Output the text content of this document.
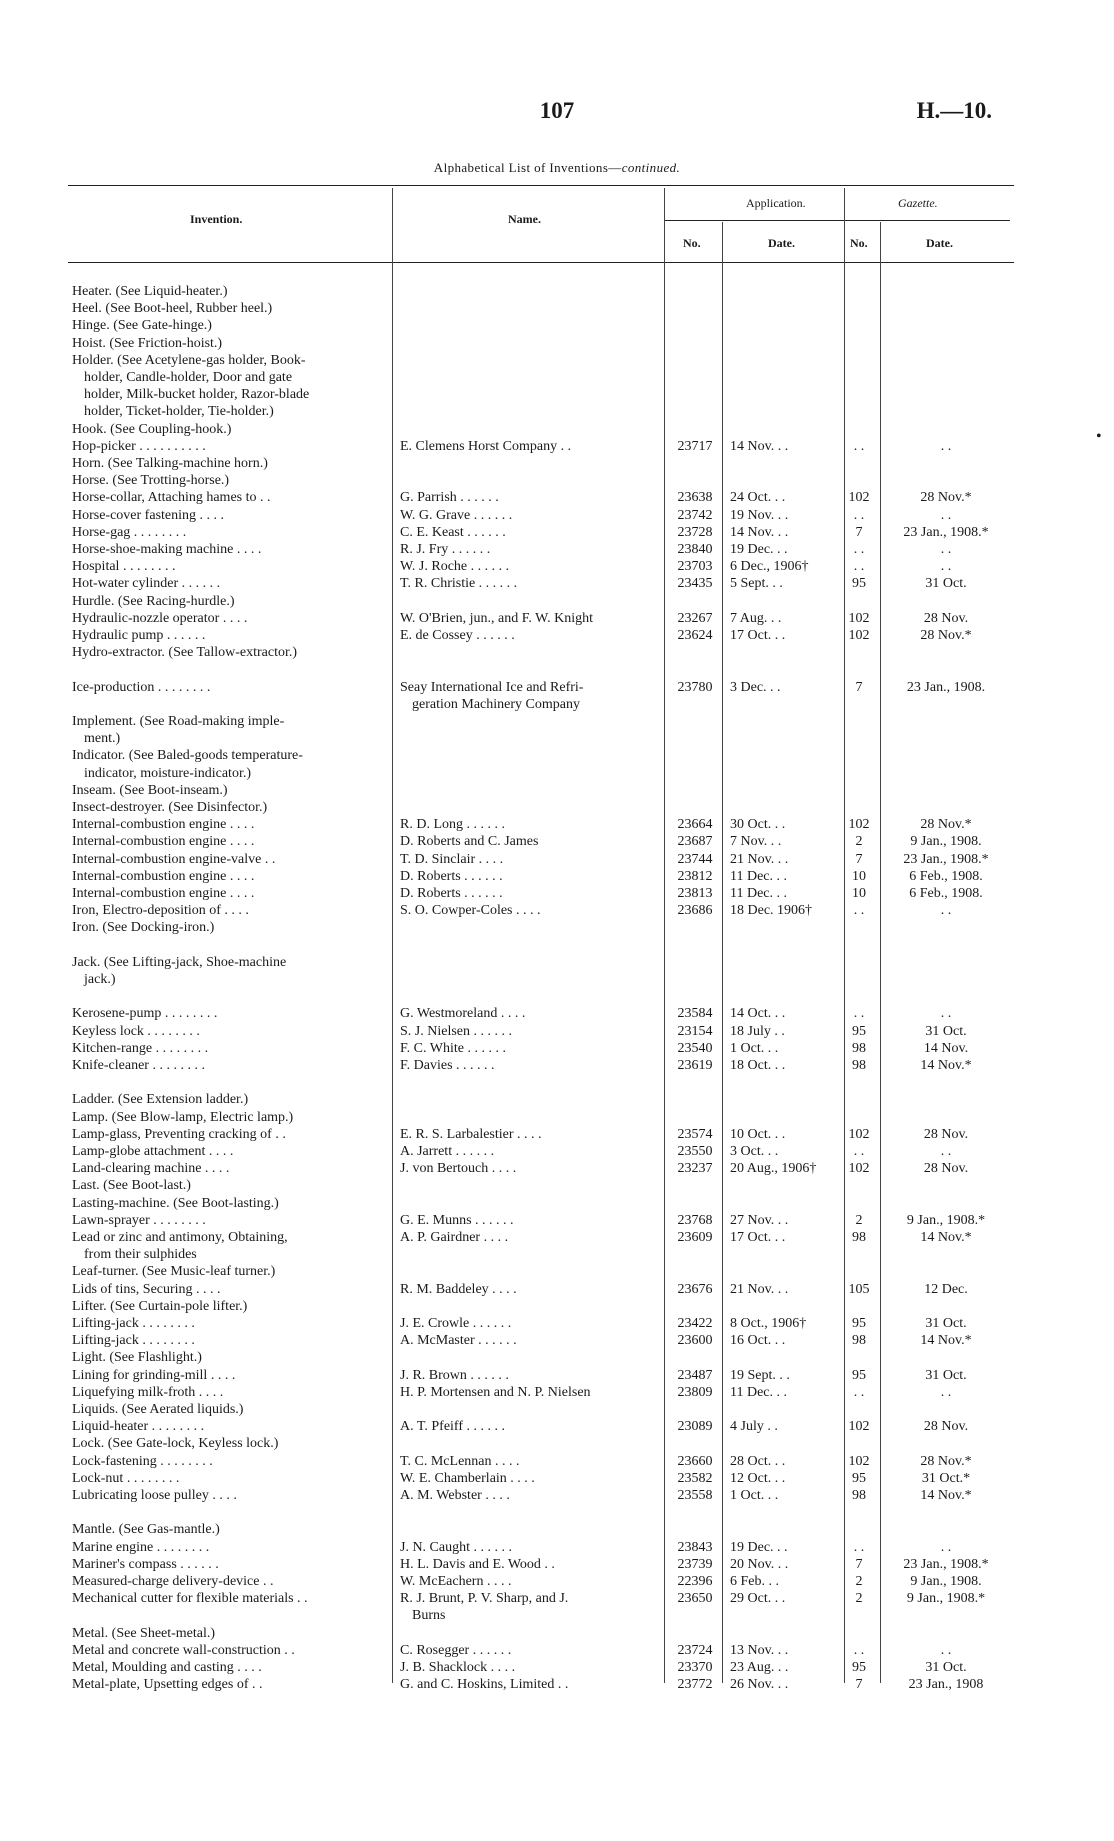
107	H.—10.
Alphabetical List of Inventions—continued.
Invention.	Name.
Application.	Gazette.
No.	Date.	No.	Date.
Heater. (See Liquid-heater.)
Heel. (See Boot-heel, Rubber heel.)
Hinge. (See Gate-hinge.)
Hoist. (See Friction-hoist.)
Holder. (See Acetylene-gas holder, Book-
holder, Candle-holder, Door and gate
holder, Milk-bucket holder, Razor-blade
holder, Ticket-holder, Tie-holder.)
Hook. (See Coupling-hook.)
Hop-picker . . . . . . . . . .	E. Clemens Horst Company . .	23717	14 Nov. . .	. .	. .
Horn. (See Talking-machine horn.)
Horse. (See Trotting-horse.)
Horse-collar, Attaching hames to . .	G. Parrish . . . . . .	23638	24 Oct. . .	102	28 Nov.*
Horse-cover fastening . . . .	W. G. Grave . . . . . .	23742	19 Nov. . .	. .	. .
Horse-gag . . . . . . . .	C. E. Keast . . . . . .	23728	14 Nov. . .	7	23 Jan., 1908.*
Horse-shoe-making machine . . . .	R. J. Fry . . . . . .	23840	19 Dec. . .	. .	. .
Hospital . . . . . . . .	W. J. Roche . . . . . .	23703	6 Dec., 1906†	. .	. .
Hot-water cylinder . . . . . .	T. R. Christie . . . . . .	23435	5 Sept. . .	95	31 Oct.
Hurdle. (See Racing-hurdle.)
Hydraulic-nozzle operator . . . .	W. O'Brien, jun., and F. W. Knight	23267	7 Aug. . .	102	28 Nov.
Hydraulic pump . . . . . .	E. de Cossey . . . . . .	23624	17 Oct. . .	102	28 Nov.*
Hydro-extractor. (See Tallow-extractor.)
Ice-production . . . . . . . .	Seay International Ice and Refri-	23780	3 Dec. . .	7	23 Jan., 1908.
geration Machinery Company
Implement. (See Road-making imple-
ment.)
Indicator. (See Baled-goods temperature-
indicator, moisture-indicator.)
Inseam. (See Boot-inseam.)
Insect-destroyer. (See Disinfector.)
Internal-combustion engine . . . .	R. D. Long . . . . . .	23664	30 Oct. . .	102	28 Nov.*
Internal-combustion engine . . . .	D. Roberts and C. James	23687	7 Nov. . .	2	9 Jan., 1908.
Internal-combustion engine-valve . .	T. D. Sinclair . . . .	23744	21 Nov. . .	7	23 Jan., 1908.*
Internal-combustion engine . . . .	D. Roberts . . . . . .	23812	11 Dec. . .	10	6 Feb., 1908.
Internal-combustion engine . . . .	D. Roberts . . . . . .	23813	11 Dec. . .	10	6 Feb., 1908.
Iron, Electro-deposition of . . . .	S. O. Cowper-Coles . . . .	23686	18 Dec. 1906†	. .	. .
Iron. (See Docking-iron.)
Jack. (See Lifting-jack, Shoe-machine
jack.)
Kerosene-pump . . . . . . . .	G. Westmoreland . . . .	23584	14 Oct. . .	. .	. .
Keyless lock . . . . . . . .	S. J. Nielsen . . . . . .	23154	18 July . .	95	31 Oct.
Kitchen-range . . . . . . . .	F. C. White . . . . . .	23540	1 Oct. . .	98	14 Nov.
Knife-cleaner . . . . . . . .	F. Davies . . . . . .	23619	18 Oct. . .	98	14 Nov.*
Ladder. (See Extension ladder.)
Lamp. (See Blow-lamp, Electric lamp.)
Lamp-glass, Preventing cracking of . .	E. R. S. Larbalestier . . . .	23574	10 Oct. . .	102	28 Nov.
Lamp-globe attachment . . . .	A. Jarrett . . . . . .	23550	3 Oct. . .	. .	. .
Land-clearing machine . . . .	J. von Bertouch . . . .	23237	20 Aug., 1906†	102	28 Nov.
Last. (See Boot-last.)
Lasting-machine. (See Boot-lasting.)
Lawn-sprayer . . . . . . . .	G. E. Munns . . . . . .	23768	27 Nov. . .	2	9 Jan., 1908.*
Lead or zinc and antimony, Obtaining,	A. P. Gairdner . . . .	23609	17 Oct. . .	98	14 Nov.*
from their sulphides
Leaf-turner. (See Music-leaf turner.)
Lids of tins, Securing . . . .	R. M. Baddeley . . . .	23676	21 Nov. . .	105	12 Dec.
Lifter. (See Curtain-pole lifter.)
Lifting-jack . . . . . . . .	J. E. Crowle . . . . . .	23422	8 Oct., 1906†	95	31 Oct.
Lifting-jack . . . . . . . .	A. McMaster . . . . . .	23600	16 Oct. . .	98	14 Nov.*
Light. (See Flashlight.)
Lining for grinding-mill . . . .	J. R. Brown . . . . . .	23487	19 Sept. . .	95	31 Oct.
Liquefying milk-froth . . . .	H. P. Mortensen and N. P. Nielsen	23809	11 Dec. . .	. .	. .
Liquids. (See Aerated liquids.)
Liquid-heater . . . . . . . .	A. T. Pfeiff . . . . . .	23089	4 July . .	102	28 Nov.
Lock. (See Gate-lock, Keyless lock.)
Lock-fastening . . . . . . . .	T. C. McLennan . . . .	23660	28 Oct. . .	102	28 Nov.*
Lock-nut . . . . . . . .	W. E. Chamberlain . . . .	23582	12 Oct. . .	95	31 Oct.*
Lubricating loose pulley . . . .	A. M. Webster . . . .	23558	1 Oct. . .	98	14 Nov.*
Mantle. (See Gas-mantle.)
Marine engine . . . . . . . .	J. N. Caught . . . . . .	23843	19 Dec. . .	. .	. .
Mariner's compass . . . . . .	H. L. Davis and E. Wood . .	23739	20 Nov. . .	7	23 Jan., 1908.*
Measured-charge delivery-device . .	W. McEachern . . . .	22396	6 Feb. . .	2	9 Jan., 1908.
Mechanical cutter for flexible materials . .	R. J. Brunt, P. V. Sharp, and J.	23650	29 Oct. . .	2	9 Jan., 1908.*
Burns
Metal. (See Sheet-metal.)
Metal and concrete wall-construction . .	C. Rosegger . . . . . .	23724	13 Nov. . .	. .	. .
Metal, Moulding and casting . . . .	J. B. Shacklock . . . .	23370	23 Aug. . .	95	31 Oct.
Metal-plate, Upsetting edges of . .	G. and C. Hoskins, Limited . .	23772	26 Nov. . .	7	23 Jan., 1908
•
